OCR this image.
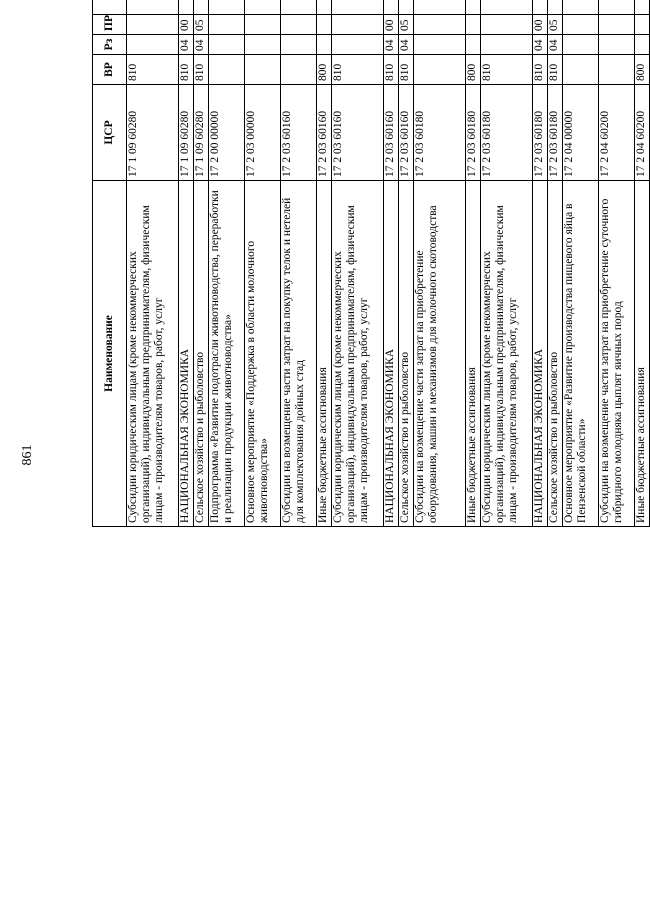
861
Наименование	ЦСР	ВР	Рз	ПР			
Субсидии юридическим лицам (кроме некоммерческих организаций), индивидуальным предпринимателям, физическим лицам - производителям товаров, работ, услуг	17 1 09 60280	810					
НАЦИОНАЛЬНАЯ ЭКОНОМИКА	17 1 09 60280	810	04	00			
Сельское хозяйство и рыболовство	17 1 09 60280	810	04	05			
Подпрограмма «Развитие подотрасли животноводства, переработки и реализации продукции животноводства»	17 2 00 00000						
Основное мероприятие «Поддержка в области молочного животноводства»	17 2 03 00000						
Субсидии на возмещение части затрат на покупку телок и нетелей для комплектования дойных стад	17 2 03 60160						
Иные бюджетные ассигнования	17 2 03 60160	800					
Субсидии юридическим лицам (кроме некоммерческих организаций), индивидуальным предпринимателям, физическим лицам - производителям товаров, работ, услуг	17 2 03 60160	810					
НАЦИОНАЛЬНАЯ ЭКОНОМИКА	17 2 03 60160	810	04	00			
Сельское хозяйство и рыболовство	17 2 03 60160	810	04	05			
Субсидии на возмещение части затрат на приобретение оборудования, машин и механизмов для молочного скотоводства	17 2 03 60180						
Иные бюджетные ассигнования	17 2 03 60180	800					
Субсидии юридическим лицам (кроме некоммерческих организаций), индивидуальным предпринимателям, физическим лицам - производителям товаров, работ, услуг	17 2 03 60180	810					
НАЦИОНАЛЬНАЯ ЭКОНОМИКА	17 2 03 60180	810	04	00			
Сельское хозяйство и рыболовство	17 2 03 60180	810	04	05			
Основное мероприятие «Развитие производства пищевого яйца в Пензенской области»	17 2 04 00000						
Субсидии на возмещение части затрат на приобретение суточного гибридного молодняка цыплят яичных пород	17 2 04 60200						
Иные бюджетные ассигнования	17 2 04 60200	800					
